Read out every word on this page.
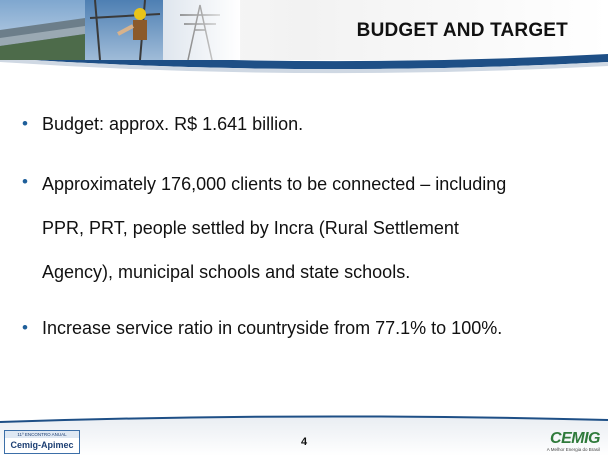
BUDGET AND TARGET
• Budget: approx. R$ 1.641 billion.
• Approximately 176,000 clients to be connected – including
PPR, PRT, people settled by Incra (Rural Settlement
Agency), municipal schools and state schools.
• Increase service ratio in countryside from 77.1% to 100%.
11º ENCONTRO ANUAL
Cemig-Apimec	4	CEMIG
A Melhor Energia do Brasil
